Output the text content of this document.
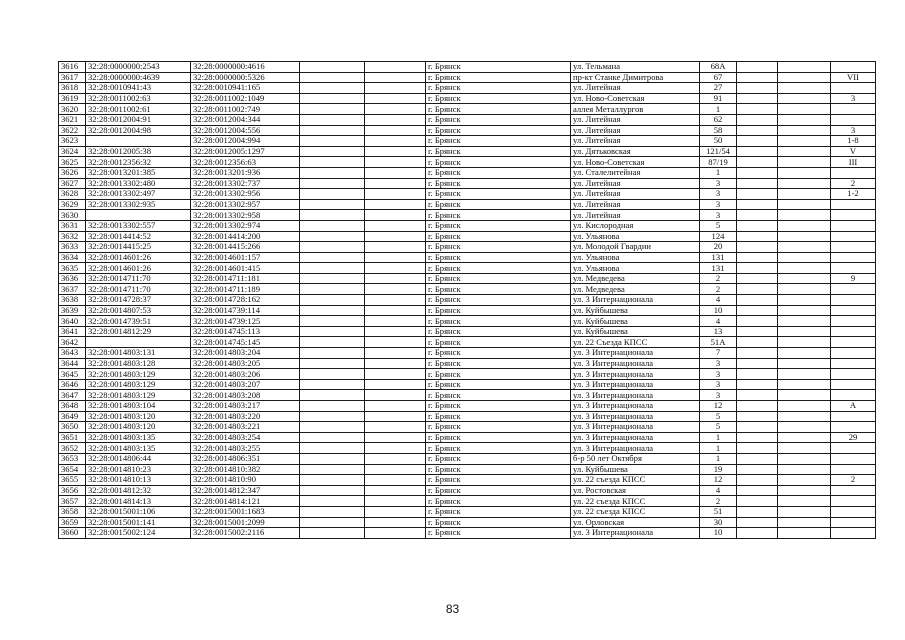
3616	32:28:0000000:2543	32:28:0000000:4616			г. Брянск	ул. Тельмана	68А			
3617	32:28:0000000:4639	32:28:0000000:5326			г. Брянск	пр-кт Станке Димитрова	67			VII
3618	32:28:0010941:43	32:28:0010941:165			г. Брянск	ул. Литейная	27			
3619	32:28:0011002:63	32:28:0011002:1049			г. Брянск	ул. Ново-Советская	91			3
3620	32:28:0011002:61	32:28:0011002:749			г. Брянск	аллея Металлургов	1			
3621	32:28:0012004:91	32:28:0012004:344			г. Брянск	ул. Литейная	62			
3622	32:28:0012004:98	32:28:0012004:556			г. Брянск	ул. Литейная	58			3
3623		32:28:0012004:994			г. Брянск	ул. Литейная	50			1-8
3624	32:28:0012005:38	32:28:0012005:1297			г. Брянск	ул. Дятьковская	121/54			V
3625	32:28:0012356:32	32:28:0012356:63			г. Брянск	ул. Ново-Советская	87/19			III
3626	32:28:0013201:385	32:28:0013201:936			г. Брянск	ул. Сталелитейная	1			
3627	32:28:0013302:480	32:28:0013302:737			г. Брянск	ул. Литейная	3			2
3628	32:28:0013302:497	32:28:0013302:956			г. Брянск	ул. Литейная	3			1-2
3629	32:28:0013302:935	32:28:0013302:957			г. Брянск	ул. Литейная	3			
3630		32:28:0013302:958			г. Брянск	ул. Литейная	3			
3631	32:28:0013302:557	32:28:0013302:974			г. Брянск	ул. Кислородная	5			
3632	32:28:0014414:52	32:28:0014414:200			г. Брянск	ул. Ульянова	124			
3633	32:28:0014415:25	32:28:0014415:266			г. Брянск	ул. Молодой Гвардии	20			
3634	32:28:0014601:26	32:28:0014601:157			г. Брянск	ул. Ульянова	131			
3635	32:28:0014601:26	32:28:0014601:415			г. Брянск	ул. Ульянова	131			
3636	32:28:0014711:70	32:28:0014711:181			г. Брянск	ул. Медведева	2			9
3637	32:28:0014711:70	32:28:0014711:189			г. Брянск	ул. Медведева	2			
3638	32:28:0014728:37	32:28:0014728:162			г. Брянск	ул. 3 Интернационала	4			
3639	32:28:0014807:53	32:28:0014739:114			г. Брянск	ул. Куйбышева	10			
3640	32:28:0014739:51	32:28:0014739:125			г. Брянск	ул. Куйбышева	4			
3641	32:28:0014812:29	32:28:0014745:113			г. Брянск	ул. Куйбышева	13			
3642		32:28:0014745:145			г. Брянск	ул. 22 Съезда КПСС	51А			
3643	32:28:0014803:131	32:28:0014803:204			г. Брянск	ул. 3 Интернационала	7			
3644	32:28:0014803:128	32:28:0014803:205			г. Брянск	ул. 3 Интернационала	3			
3645	32:28:0014803:129	32:28:0014803:206			г. Брянск	ул. 3 Интернационала	3			
3646	32:28:0014803:129	32:28:0014803:207			г. Брянск	ул. 3 Интернационала	3			
3647	32:28:0014803:129	32:28:0014803:208			г. Брянск	ул. 3 Интернационала	3			
3648	32:28:0014803:104	32:28:0014803:217			г. Брянск	ул. 3 Интернационала	12			А
3649	32:28:0014803:120	32:28:0014803:220			г. Брянск	ул. 3 Интернационала	5			
3650	32:28:0014803:120	32:28:0014803:221			г. Брянск	ул. 3 Интернационала	5			
3651	32:28:0014803:135	32:28:0014803:254			г. Брянск	ул. 3 Интернационала	1			29
3652	32:28:0014803:135	32:28:0014803:255			г. Брянск	ул. 3 Интернационала	1			
3653	32:28:0014806:44	32:28:0014806:351			г. Брянск	б-р 50 лет Октября	1			
3654	32:28:0014810:23	32:28:0014810:382			г. Брянск	ул. Куйбышева	19			
3655	32:28:0014810:13	32:28:0014810:90			г. Брянск	ул. 22 съезда КПСС	12			2
3656	32:28:0014812:32	32:28:0014812:347			г. Брянск	ул. Ростовская	4			
3657	32:28:0014814:13	32:28:0014814:121			г. Брянск	ул. 22 съезда КПСС	2			
3658	32:28:0015001:106	32:28:0015001:1683			г. Брянск	ул. 22 съезда КПСС	51			
3659	32:28:0015001:141	32:28:0015001:2099			г. Брянск	ул. Орловская	30			
3660	32:28:0015002:124	32:28:0015002:2116			г. Брянск	ул. 3 Интернационала	10			
83
